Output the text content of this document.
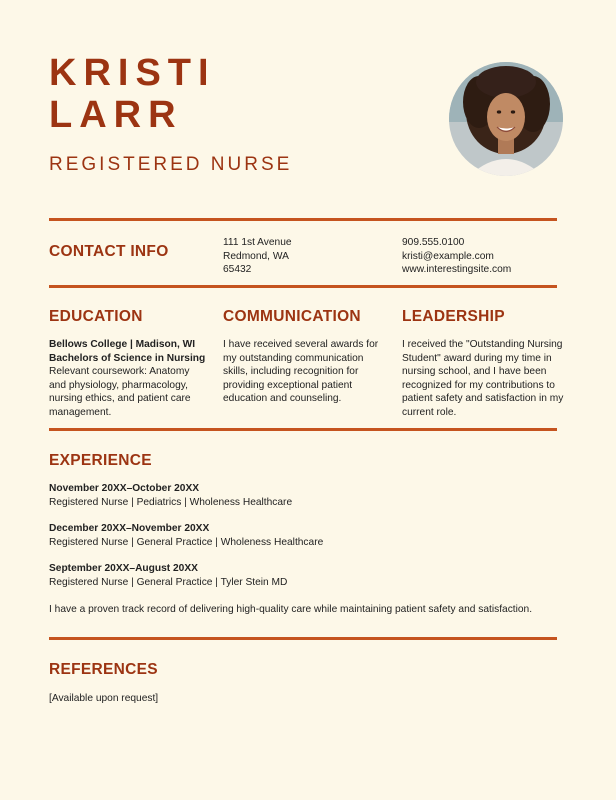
KRISTI
LARR
REGISTERED NURSE
CONTACT INFO
111 1st Avenue
Redmond, WA
65432
909.555.0100
kristi@example.com
www.interestingsite.com
EDUCATION
Bellows College | Madison, WI
Bachelors of Science in Nursing
Relevant coursework: Anatomy and physiology, pharmacology, nursing ethics, and patient care management.
COMMUNICATION
I have received several awards for my outstanding communication skills, including recognition for providing exceptional patient education and counseling.
LEADERSHIP
I received the "Outstanding Nursing Student" award during my time in nursing school, and I have been recognized for my contributions to patient safety and satisfaction in my current role.
EXPERIENCE
November 20XX–October 20XX
Registered Nurse | Pediatrics | Wholeness Healthcare
December 20XX–November 20XX
Registered Nurse | General Practice | Wholeness Healthcare
September 20XX–August 20XX
Registered Nurse | General Practice | Tyler Stein MD
I have a proven track record of delivering high-quality care while maintaining patient safety and satisfaction.
REFERENCES
[Available upon request]
